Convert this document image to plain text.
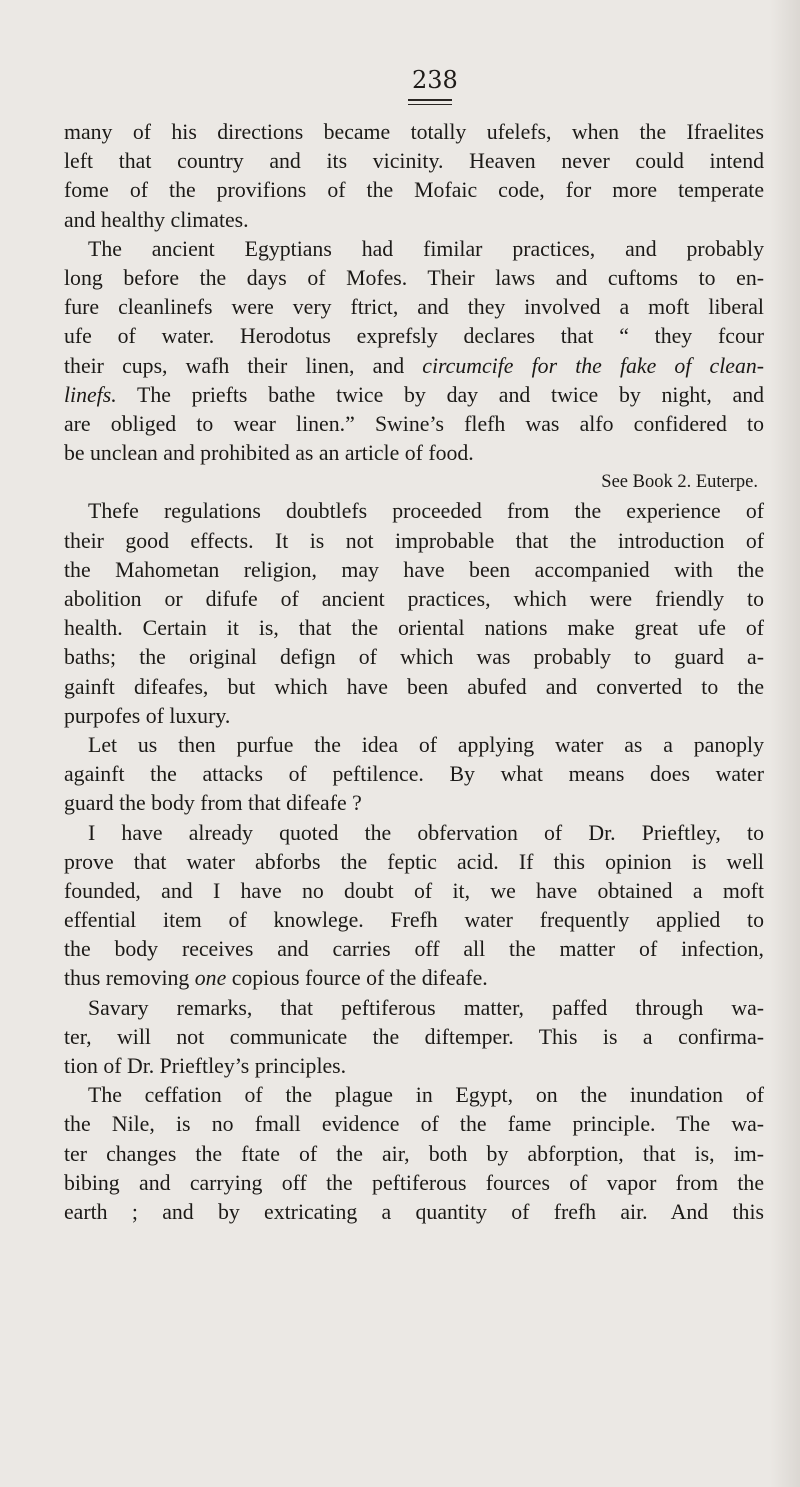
238
many of his directions became totally ufelefs, when the Ifraelites
left that country and its vicinity. Heaven never could intend
fome of the provifions of the Mofaic code, for more temperate
and healthy climates.
The ancient Egyptians had fimilar practices, and probably
long before the days of Mofes. Their laws and cuftoms to en-
fure cleanlinefs were very ftrict, and they involved a moft liberal
ufe of water. Herodotus exprefsly declares that “ they fcour
their cups, wafh their linen, and circumcife for the fake of clean-
linefs. The priefts bathe twice by day and twice by night, and
are obliged to wear linen.” Swine’s flefh was alfo confidered to
be unclean and prohibited as an article of food.
See Book 2. Euterpe.
Thefe regulations doubtlefs proceeded from the experience of
their good effects. It is not improbable that the introduction of
the Mahometan religion, may have been accompanied with the
abolition or difufe of ancient practices, which were friendly to
health. Certain it is, that the oriental nations make great ufe of
baths; the original defign of which was probably to guard a-
gainft difeafes, but which have been abufed and converted to the
purpofes of luxury.
Let us then purfue the idea of applying water as a panoply
againft the attacks of peftilence. By what means does water
guard the body from that difeafe ?
I have already quoted the obfervation of Dr. Prieftley, to
prove that water abforbs the feptic acid. If this opinion is well
founded, and I have no doubt of it, we have obtained a moft
effential item of knowlege. Frefh water frequently applied to
the body receives and carries off all the matter of infection,
thus removing one copious fource of the difeafe.
Savary remarks, that peftiferous matter, paffed through wa-
ter, will not communicate the diftemper. This is a confirma-
tion of Dr. Prieftley’s principles.
The ceffation of the plague in Egypt, on the inundation of
the Nile, is no fmall evidence of the fame principle. The wa-
ter changes the ftate of the air, both by abforption, that is, im-
bibing and carrying off the peftiferous fources of vapor from the
earth ; and by extricating a quantity of frefh air. And this
